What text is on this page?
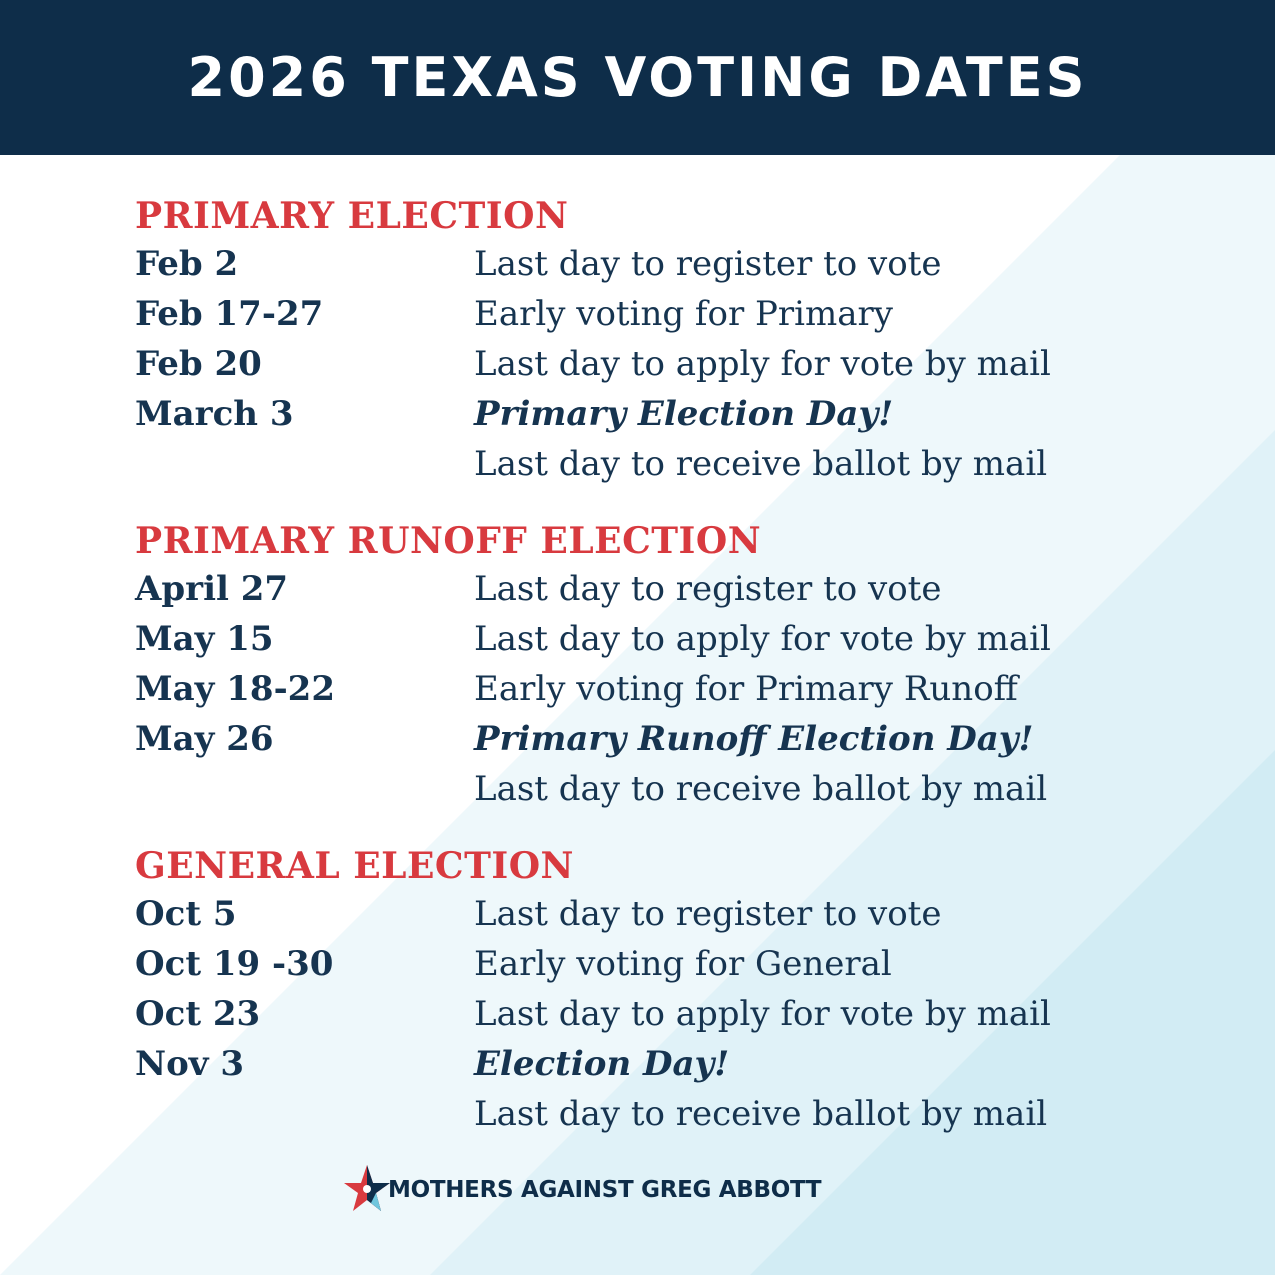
2026 TEXAS VOTING DATES
PRIMARY ELECTION
Feb 2	Last day to register to vote
Feb 17-27	Early voting for Primary
Feb 20	Last day to apply for vote by mail
March 3	Primary Election Day!
Last day to receive ballot by mail
PRIMARY RUNOFF ELECTION
April 27	Last day to register to vote
May 15	Last day to apply for vote by mail
May 18-22	Early voting for Primary Runoff
May 26	Primary Runoff Election Day!
Last day to receive ballot by mail
GENERAL ELECTION
Oct 5	Last day to register to vote
Oct 19 -30	Early voting for General
Oct 23	Last day to apply for vote by mail
Nov 3	Election Day!
Last day to receive ballot by mail
MOTHERS AGAINST GREG ABBOTT
